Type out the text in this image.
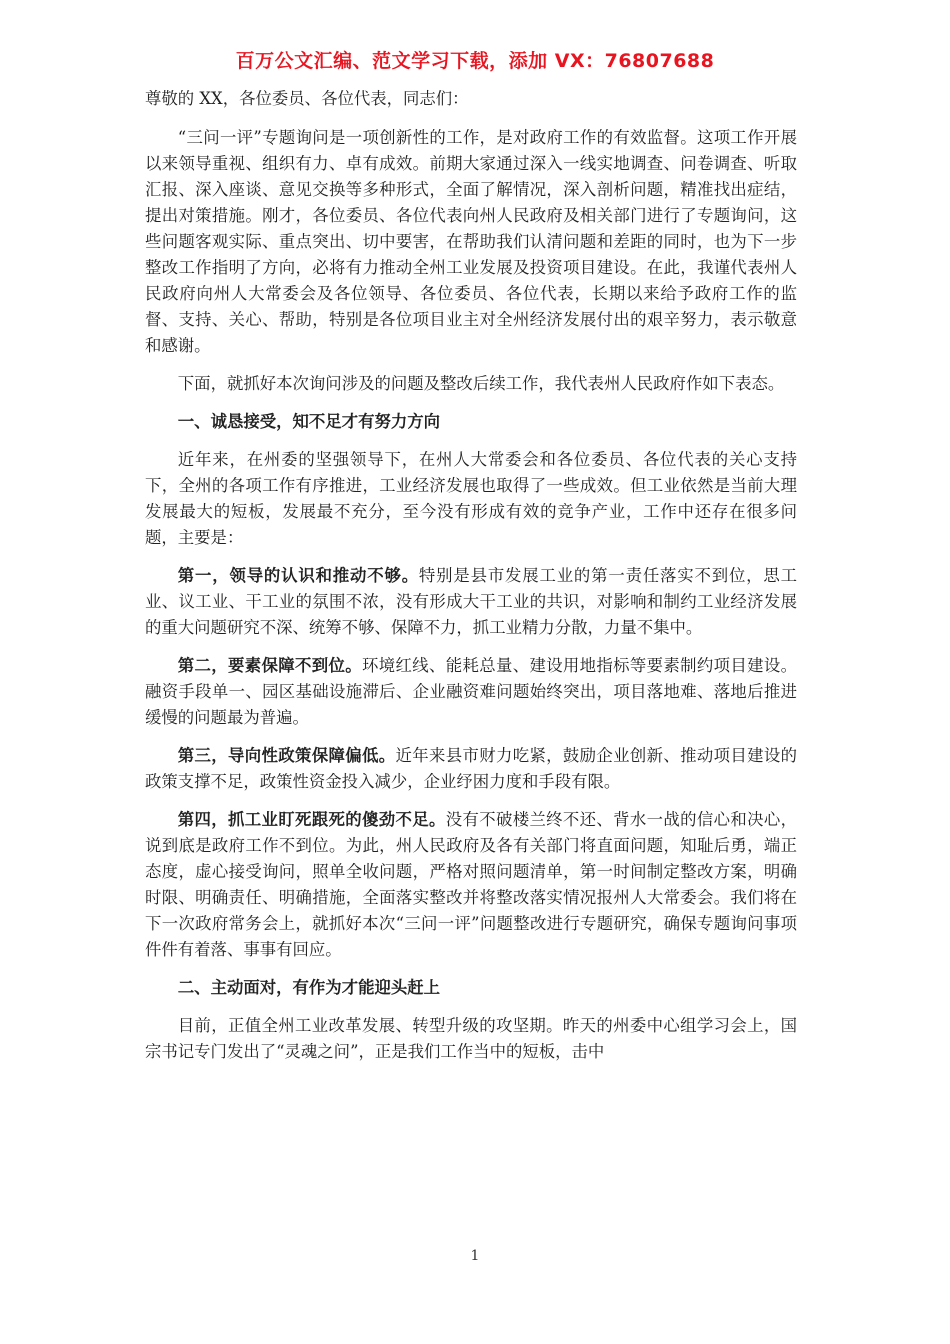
百万公文汇编、范文学习下载，添加 VX：76807688

尊敬的 XX，各位委员、各位代表，同志们：

“三问一评”专题询问是一项创新性的工作，是对政府工作的有效监督。这项工作开展以来领导重视、组织有力、卓有成效。前期大家通过深入一线实地调查、问卷调查、听取汇报、深入座谈、意见交换等多种形式，全面了解情况，深入剖析问题，精准找出症结，提出对策措施。刚才，各位委员、各位代表向州人民政府及相关部门进行了专题询问，这些问题客观实际、重点突出、切中要害，在帮助我们认清问题和差距的同时，也为下一步整改工作指明了方向，必将有力推动全州工业发展及投资项目建设。在此，我谨代表州人民政府向州人大常委会及各位领导、各位委员、各位代表，长期以来给予政府工作的监督、支持、关心、帮助，特别是各位项目业主对全州经济发展付出的艰辛努力，表示敬意和感谢。

下面，就抓好本次询问涉及的问题及整改后续工作，我代表州人民政府作如下表态。

一、诚恳接受，知不足才有努力方向

近年来，在州委的坚强领导下，在州人大常委会和各位委员、各位代表的关心支持下，全州的各项工作有序推进，工业经济发展也取得了一些成效。但工业依然是当前大理发展最大的短板，发展最不充分，至今没有形成有效的竞争产业，工作中还存在很多问题，主要是：

第一，领导的认识和推动不够。特别是县市发展工业的第一责任落实不到位，思工业、议工业、干工业的氛围不浓，没有形成大干工业的共识，对影响和制约工业经济发展的重大问题研究不深、统筹不够、保障不力，抓工业精力分散，力量不集中。

第二，要素保障不到位。环境红线、能耗总量、建设用地指标等要素制约项目建设。融资手段单一、园区基础设施滞后、企业融资难问题始终突出，项目落地难、落地后推进缓慢的问题最为普遍。

第三，导向性政策保障偏低。近年来县市财力吃紧，鼓励企业创新、推动项目建设的政策支撑不足，政策性资金投入减少，企业纾困力度和手段有限。

第四，抓工业盯死跟死的傻劲不足。没有不破楼兰终不还、背水一战的信心和决心，说到底是政府工作不到位。为此，州人民政府及各有关部门将直面问题，知耻后勇，端正态度，虚心接受询问，照单全收问题，严格对照问题清单，第一时间制定整改方案，明确时限、明确责任、明确措施，全面落实整改并将整改落实情况报州人大常委会。我们将在下一次政府常务会上，就抓好本次“三问一评”问题整改进行专题研究，确保专题询问事项件件有着落、事事有回应。

二、主动面对，有作为才能迎头赶上

目前，正值全州工业改革发展、转型升级的攻坚期。昨天的州委中心组学习会上，国宗书记专门发出了“灵魂之问”，正是我们工作当中的短板，击中

1
